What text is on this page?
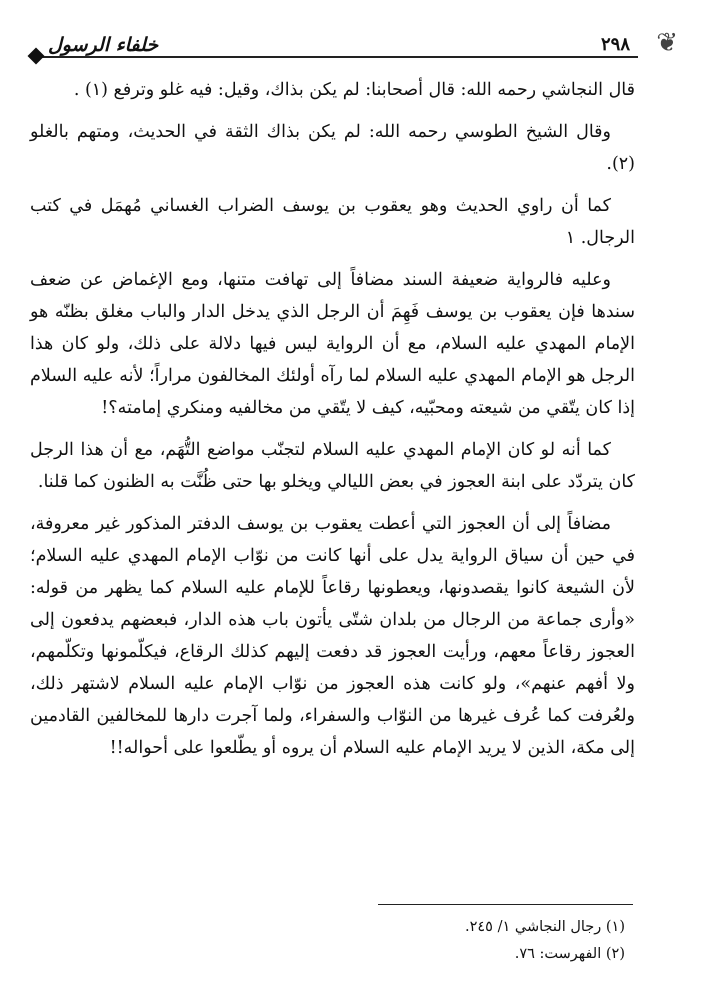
خلفاء الرسول	٢٩٨ ❦

قال النجاشي رحمه الله: قال أصحابنا: لم يكن بذاك، وقيل: فيه غلو وترفع (١) .

وقال الشيخ الطوسي رحمه الله: لم يكن بذاك الثقة في الحديث، ومتهم بالغلو (٢).

كما أن راوي الحديث وهو يعقوب بن يوسف الضراب الغساني مُهمَل في كتب الرجال. ١

وعليه فالرواية ضعيفة السند مضافاً إلى تهافت متنها، ومع الإغماض عن ضعف سندها فإن يعقوب بن يوسف فَهِمَ أن الرجل الذي يدخل الدار والباب مغلق بظنّه هو الإمام المهدي عليه السلام، مع أن الرواية ليس فيها دلالة على ذلك، ولو كان هذا الرجل هو الإمام المهدي عليه السلام لما رآه أولئك المخالفون مراراً؛ لأنه عليه السلام إذا كان يتّقي من شيعته ومحبّيه، كيف لا يتّقي من مخالفيه ومنكري إمامته؟!

كما أنه لو كان الإمام المهدي عليه السلام لتجنّب مواضع التُّهَم، مع أن هذا الرجل كان يتردّد على ابنة العجوز في بعض الليالي ويخلو بها حتى ظُنَّت به الظنون كما قلنا.

مضافاً إلى أن العجوز التي أعطت يعقوب بن يوسف الدفتر المذكور غير معروفة، في حين أن سياق الرواية يدل على أنها كانت من نوّاب الإمام المهدي عليه السلام؛ لأن الشيعة كانوا يقصدونها، ويعطونها رقاعاً للإمام عليه السلام كما يظهر من قوله: «وأرى جماعة من الرجال من بلدان شتّى يأتون باب هذه الدار، فبعضهم يدفعون إلى العجوز رقاعاً معهم، ورأيت العجوز قد دفعت إليهم كذلك الرقاع، فيكلّمونها وتكلّمهم، ولا أفهم عنهم»، ولو كانت هذه العجوز من نوّاب الإمام عليه السلام لاشتهر ذلك، ولعُرفت كما عُرف غيرها من النوّاب والسفراء، ولما آجرت دارها للمخالفين القادمين إلى مكة، الذين لا يريد الإمام عليه السلام أن يروه أو يطّلعوا على أحواله!!

(١) رجال النجاشي ١/ ٢٤٥.
(٢) الفهرست: ٧٦.
